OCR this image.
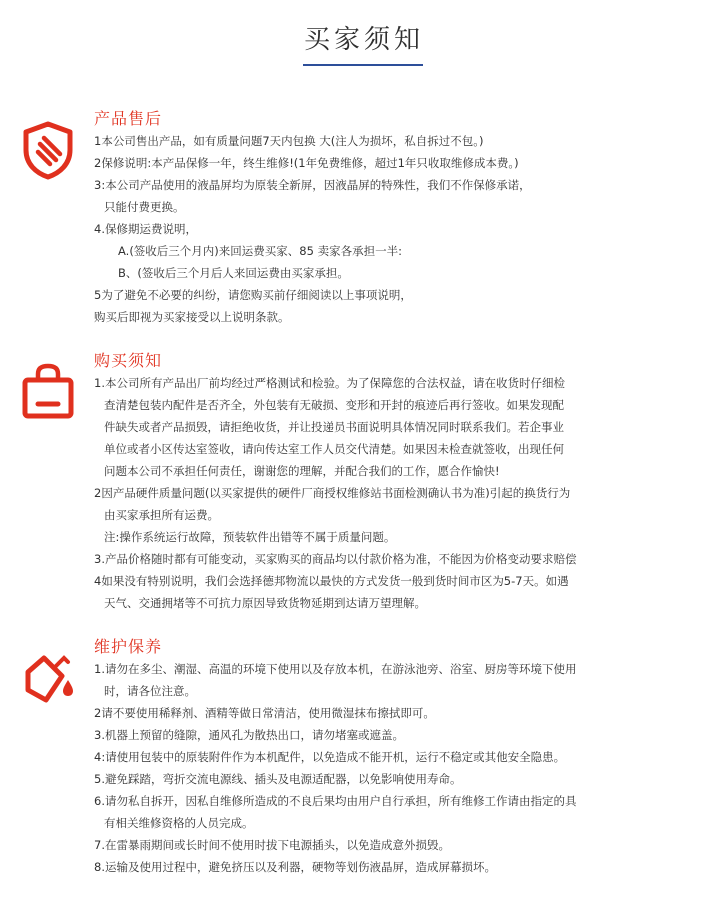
买家须知
产品售后
1本公司售出产品，如有质量问题7天内包换 大(注人为损坏，私自拆过不包。)
2保修说明:本产品保修一年，终生维修!(1年免费维修，超过1年只收取维修成本费。)
3:本公司产品使用的液晶屏均为原装全新屏，因液晶屏的特殊性，我们不作保修承诺，
只能付费更换。
4.保修期运费说明，
A.(签收后三个月内)来回运费买家、85 卖家各承担一半:
B、(签收后三个月后人来回运费由买家承担。
5为了避免不必要的纠纷，请您购买前仔细阅读以上事项说明，
购买后即视为买家接受以上说明条款。
购买须知
1.本公司所有产品出厂前均经过严格测试和检验。为了保障您的合法权益，请在收货时仔细检
查清楚包装内配件是否齐全，外包装有无破损、变形和开封的痕迹后再行签收。如果发现配
件缺失或者产品损毁，请拒绝收货，并让投递员书面说明具体情况同时联系我们。若企事业
单位或者小区传达室签收，请向传达室工作人员交代清楚。如果因未检查就签收，出现任何
问题本公司不承担任何责任，谢谢您的理解，并配合我们的工作，愿合作愉快!
2因产品硬件质量问题(以买家提供的硬件厂商授权维修站书面检测确认书为准)引起的换货行为
由买家承担所有运费。
注:操作系统运行故障，预装软件出错等不属于质量问题。
3.产品价格随时都有可能变动，买家购买的商品均以付款价格为准，不能因为价格变动要求赔偿
4如果没有特别说明，我们会选择德邦物流以最快的方式发货一般到货时间市区为5-7天。如遇
天气、交通拥堵等不可抗力原因导致货物延期到达请万望理解。
维护保养
1.请勿在多尘、潮湿、高温的环境下使用以及存放本机，在游泳池旁、浴室、厨房等环境下使用
时，请各位注意。
2请不要使用稀释剂、酒精等做日常清洁，使用微湿抹布擦拭即可。
3.机器上预留的缝隙，通风孔为散热出口，请勿堵塞或遮盖。
4:请使用包装中的原装附件作为本机配件，以免造成不能开机，运行不稳定或其他安全隐患。
5.避免踩踏，弯折交流电源线、插头及电源适配器，以免影响使用寿命。
6.请勿私自拆开，因私自维修所造成的不良后果均由用户自行承担，所有维修工作请由指定的具
有相关维修资格的人员完成。
7.在雷暴雨期间或长时间不使用时拔下电源插头，以免造成意外损毁。
8.运输及使用过程中，避免挤压以及利器，硬物等划伤液晶屏，造成屏幕损坏。
